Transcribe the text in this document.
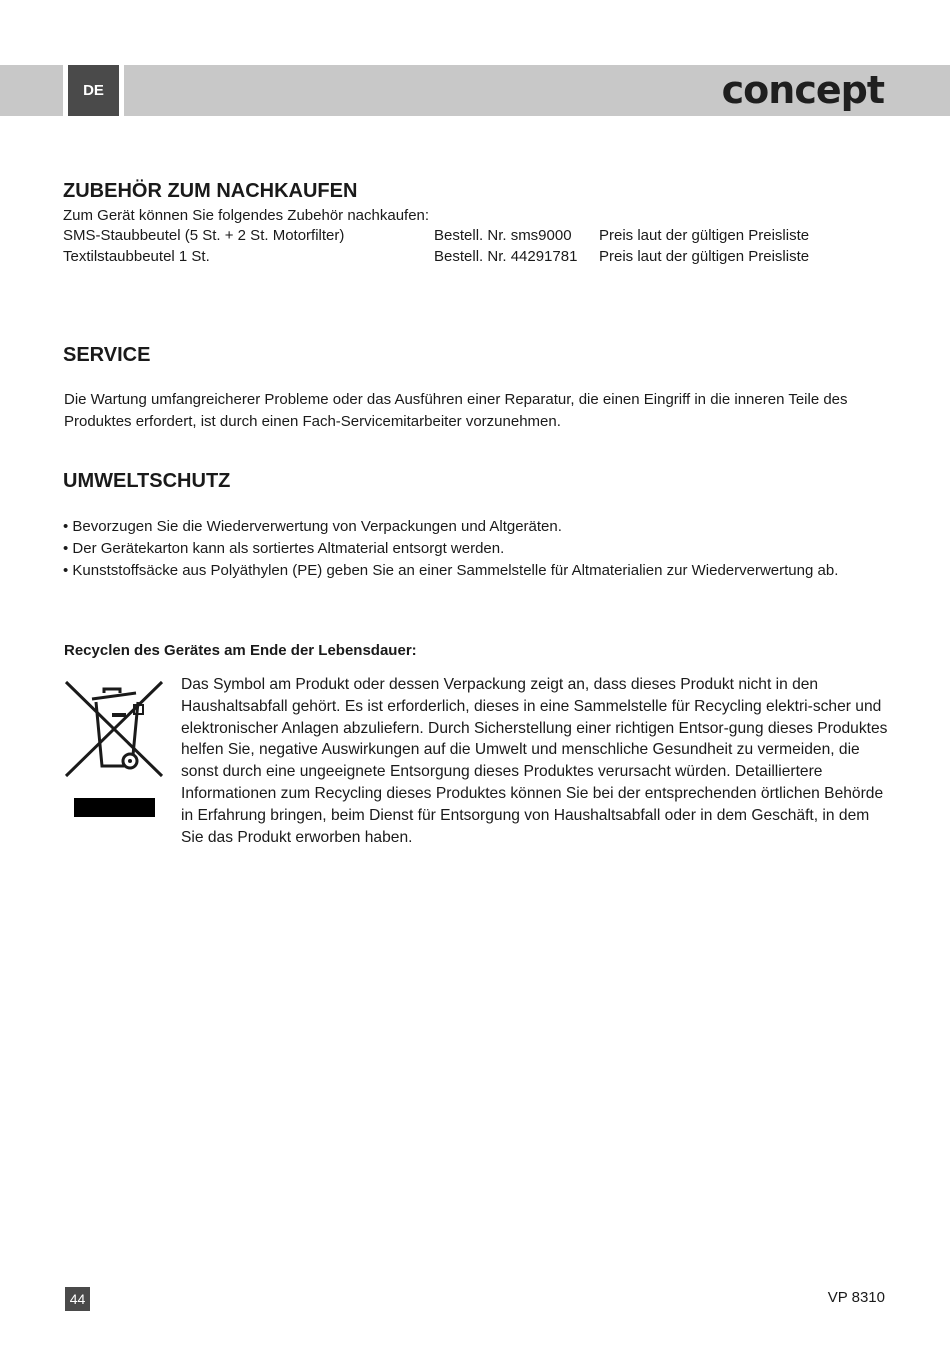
DE	concept
ZUBEHÖR ZUM NACHKAUFEN
Zum Gerät können Sie folgendes Zubehör nachkaufen:
SMS-Staubbeutel (5 St. + 2 St. Motorfilter)	Bestell. Nr. sms9000 Preis laut der gültigen Preisliste
Textilstaubbeutel 1 St.	Bestell. Nr. 44291781 Preis laut der gültigen Preisliste
SERVICE
Die Wartung umfangreicherer Probleme oder das Ausführen einer Reparatur, die einen Eingriff in die inneren Teile des Produktes erfordert, ist durch einen Fach-Servicemitarbeiter vorzunehmen.
UMWELTSCHUTZ
• Bevorzugen Sie die Wiederverwertung von Verpackungen und Altgeräten.
• Der Gerätekarton kann als sortiertes Altmaterial entsorgt werden.
• Kunststoffsäcke aus Polyäthylen (PE) geben Sie an einer Sammelstelle für Altmaterialien zur Wiederverwertung ab.
Recyclen des Gerätes am Ende der Lebensdauer:
Das Symbol am Produkt oder dessen Verpackung zeigt an, dass dieses Produkt nicht in den Haushaltsabfall gehört. Es ist erforderlich, dieses in eine Sammelstelle für Recycling elektri-scher und elektronischer Anlagen abzuliefern. Durch Sicherstellung einer richtigen Entsor-gung dieses Produktes helfen Sie, negative Auswirkungen auf die Umwelt und menschliche Gesundheit zu vermeiden, die sonst durch eine ungeeignete Entsorgung dieses Produktes verursacht würden. Detailliertere Informationen zum Recycling dieses Produktes können Sie bei der entsprechenden örtlichen Behörde in Erfahrung bringen, beim Dienst für Entsorgung von Haushaltsabfall oder in dem Geschäft, in dem Sie das Produkt erworben haben.
44	VP 8310
